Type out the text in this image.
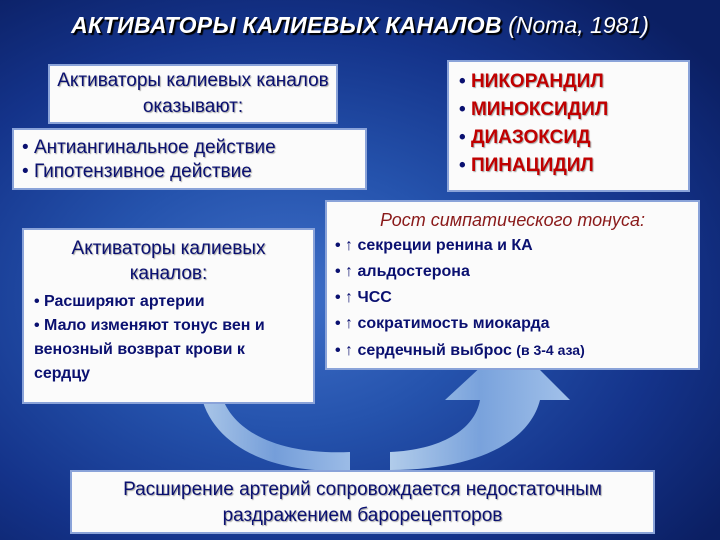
АКТИВАТОРЫ КАЛИЕВЫХ КАНАЛОВ (Noma, 1981)
Активаторы калиевых каналов оказывают:
• Антиангинальное действие
• Гипотензивное действие
• НИКОРАНДИЛ
• МИНОКСИДИЛ
• ДИАЗОКСИД
• ПИНАЦИДИЛ
Активаторы калиевых каналов:
• Расширяют артерии
• Мало изменяют тонус вен и венозный возврат крови к сердцу
Рост симпатического тонуса:
• ↑ секреции ренина и КА
• ↑ альдостерона
• ↑ ЧСС
• ↑ сократимость миокарда
• ↑ сердечный выброс (в 3-4 аза)
Расширение артерий сопровождается недостаточным раздражением барорецепторов
